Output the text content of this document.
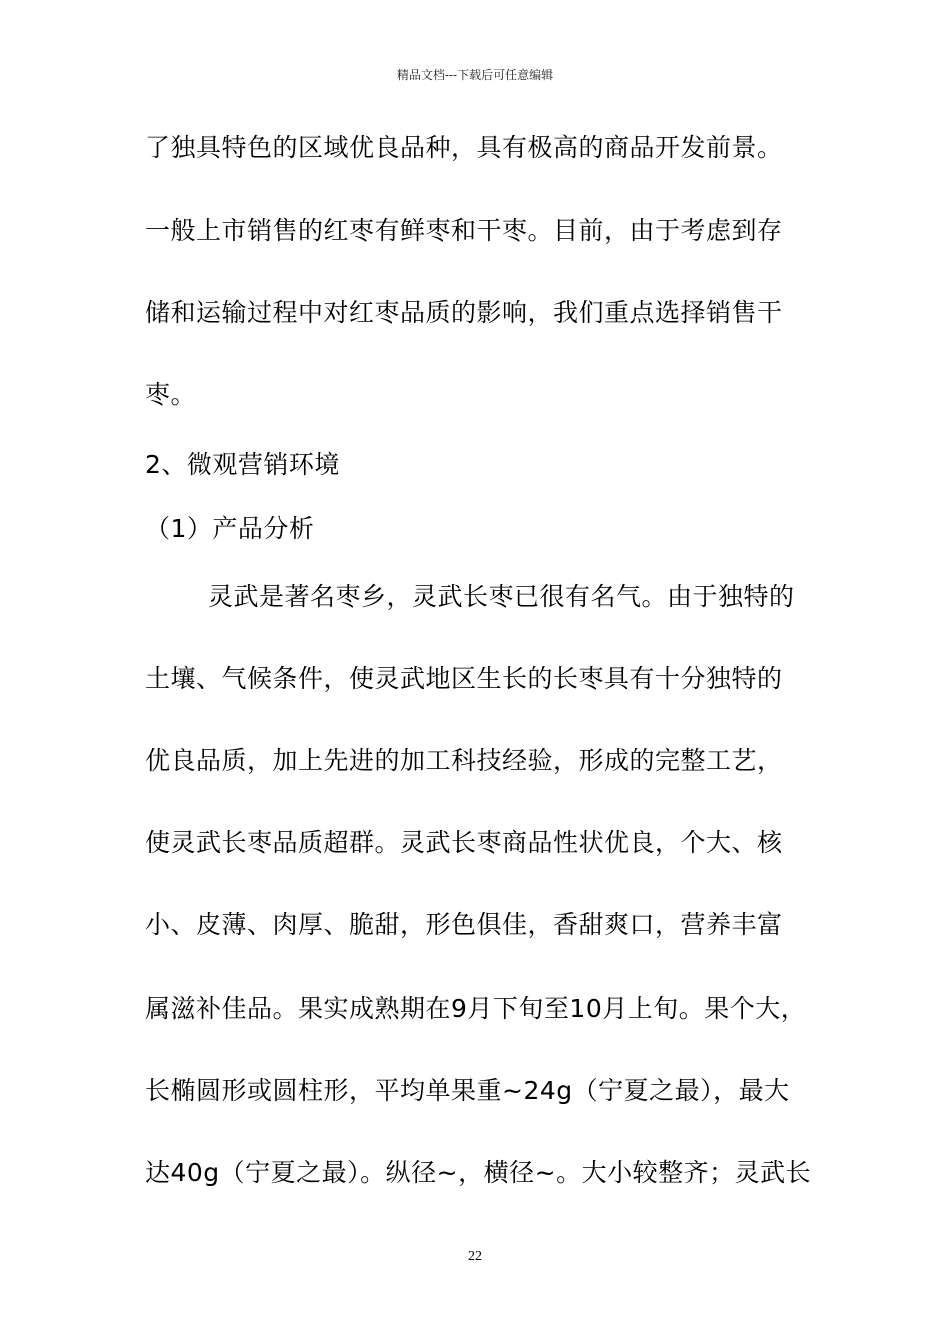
精品文档---下载后可任意编辑
了独具特色的区域优良品种，具有极高的商品开发前景。
一般上市销售的红枣有鲜枣和干枣。目前，由于考虑到存
储和运输过程中对红枣品质的影响，我们重点选择销售干
枣。
2、微观营销环境
（1）产品分析
灵武是著名枣乡，灵武长枣已很有名气。由于独特的
土壤、气候条件，使灵武地区生长的长枣具有十分独特的
优良品质，加上先进的加工科技经验，形成的完整工艺，
使灵武长枣品质超群。灵武长枣商品性状优良，个大、核
小、皮薄、肉厚、脆甜，形色俱佳，香甜爽口，营养丰富
属滋补佳品。果实成熟期在9月下旬至10月上旬。果个大，
长椭圆形或圆柱形，平均单果重~24g（宁夏之最），最大
达40g（宁夏之最）。纵径~，横径~。大小较整齐；灵武长
22
